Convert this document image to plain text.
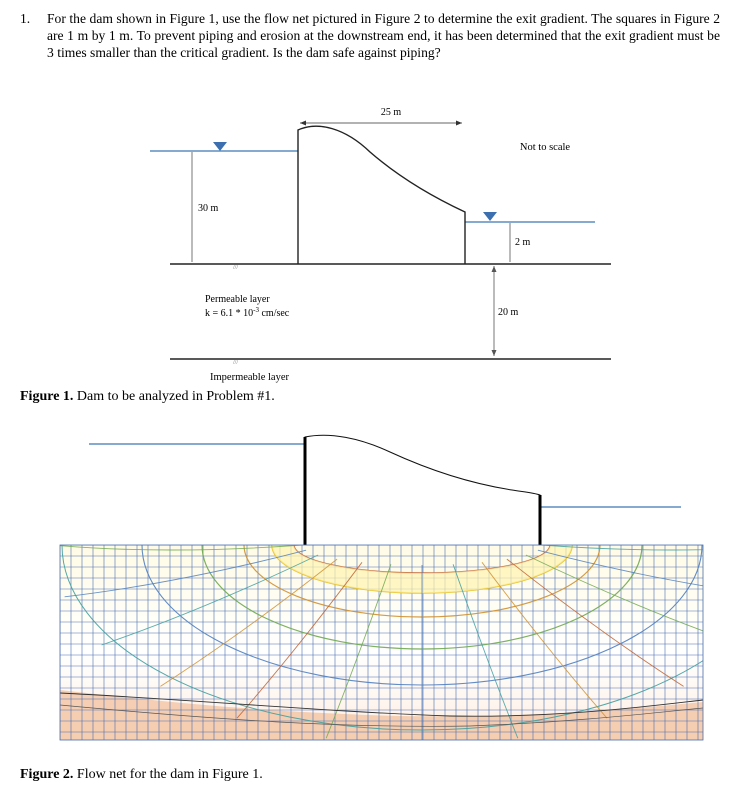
1. For the dam shown in Figure 1, use the flow net pictured in Figure 2 to determine the exit gradient. The squares in Figure 2 are 1 m by 1 m. To prevent piping and erosion at the downstream end, it has been determined that the exit gradient must be 3 times smaller than the critical gradient. Is the dam safe against piping?
25 m
Not to scale
30 m
2 m
///
20 m
Permeable layer
$k = 6.1 * 10^{-3}$ cm/sec
///
Impermeable layer
Figure 1. Dam to be analyzed in Problem #1.
Figure 2. Flow net for the dam in Figure 1.
